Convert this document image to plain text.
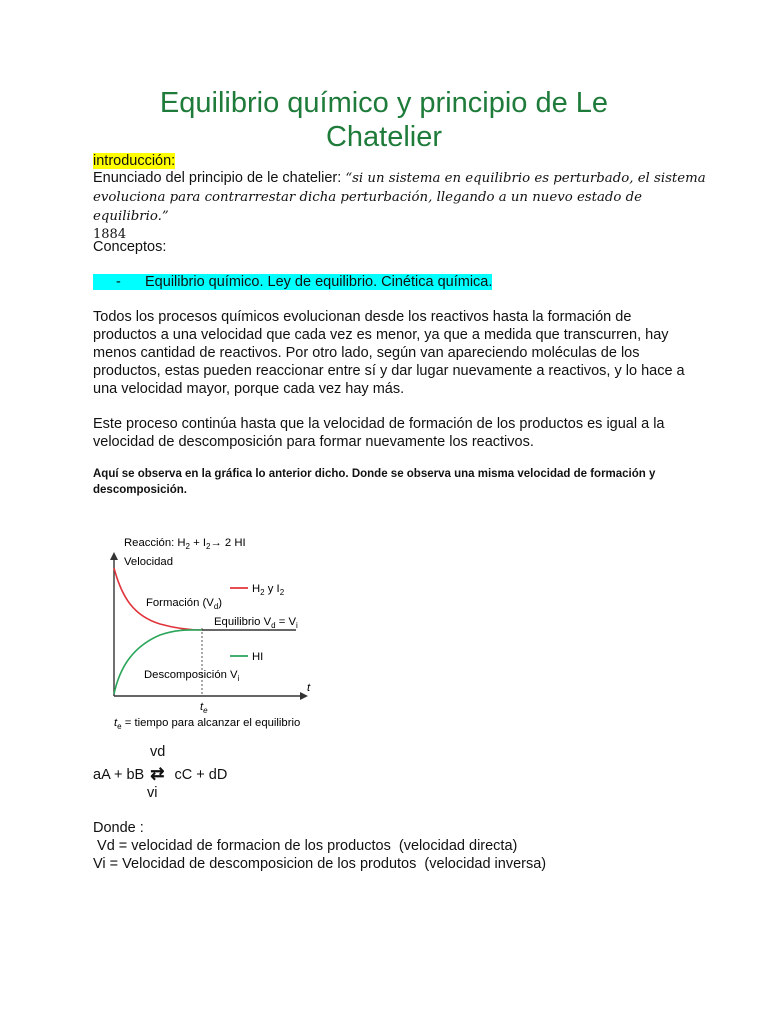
Equilibrio químico y principio de Le
Chatelier
introducción:
Enunciado del principio de le chatelier: “si un sistema en equilibrio es perturbado, el sistema
evoluciona para contrarrestar dicha perturbación, llegando a un nuevo estado de equilibrio.”
1884
Conceptos:
- Equilibrio químico. Ley de equilibrio. Cinética química.
Todos los procesos químicos evolucionan desde los reactivos hasta la formación de
productos a una velocidad que cada vez es menor, ya que a medida que transcurren, hay
menos cantidad de reactivos. Por otro lado, según van apareciendo moléculas de los
productos, estas pueden reaccionar entre sí y dar lugar nuevamente a reactivos, y lo hace a
una velocidad mayor, porque cada vez hay más.
Este proceso continúa hasta que la velocidad de formación de los productos es igual a la
velocidad de descomposición para formar nuevamente los reactivos.
Aquí se observa en la gráfica lo anterior dicho. Donde se observa una misma velocidad de formación y
descomposición.
Reacción: $H_2 + I_2\to 2$ HI
Velocidad
t
$t_e$
Formación $(V_d)$
$H_2$ y $I_2$
Equilibrio $V_d = V_i$
HI
Descomposición $V_i$
$t_e$ = tiempo para alcanzar el equilibrio
vd
aA + bB ⇄ cC + dD
vi
Donde :
Vd = velocidad de formacion de los productos  (velocidad directa)
Vi = Velocidad de descomposicion de los produtos  (velocidad inversa)
